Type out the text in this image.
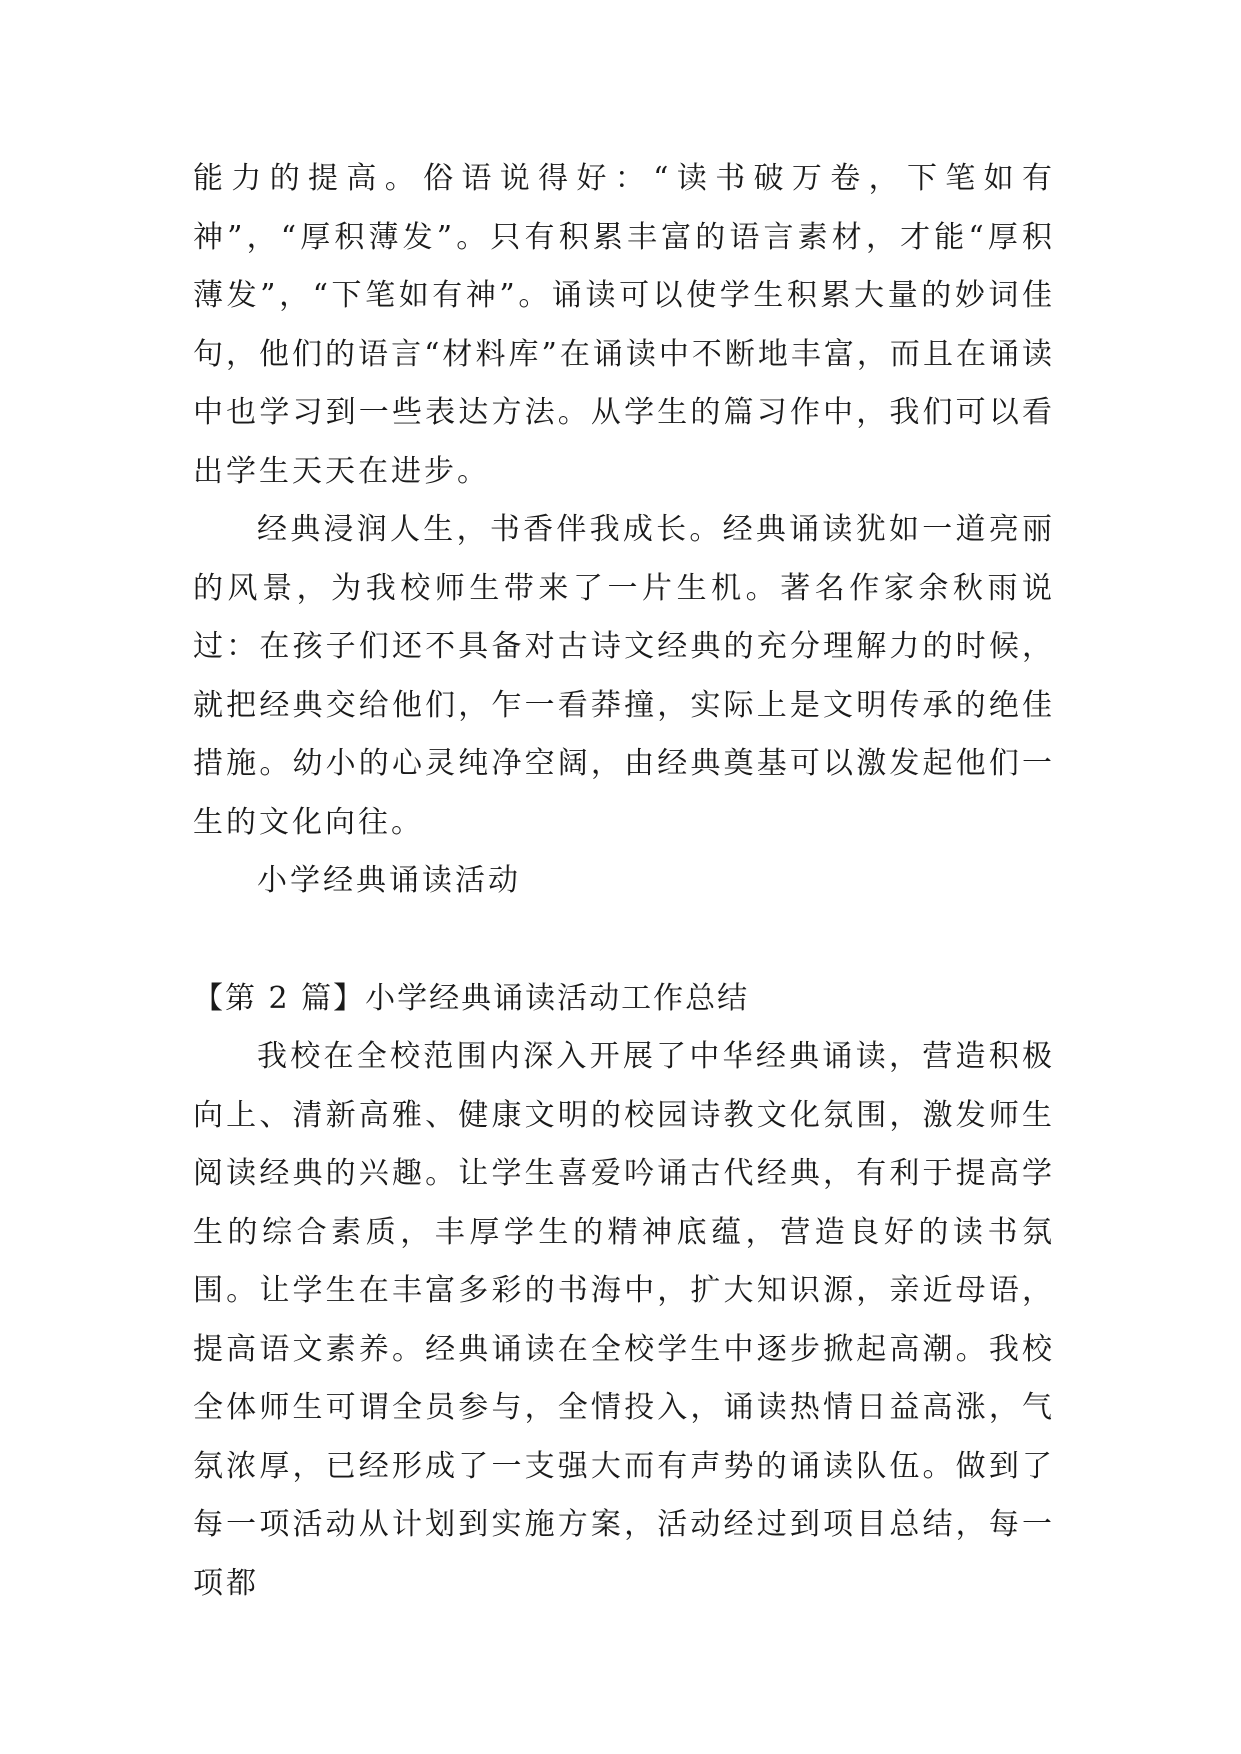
能力的提高。俗语说得好：“读书破万卷，下笔如有神”，“厚积薄发”。只有积累丰富的语言素材，才能“厚积薄发”，“下笔如有神”。诵读可以使学生积累大量的妙词佳句，他们的语言“材料库”在诵读中不断地丰富，而且在诵读中也学习到一些表达方法。从学生的篇习作中，我们可以看出学生天天在进步。

经典浸润人生，书香伴我成长。经典诵读犹如一道亮丽的风景，为我校师生带来了一片生机。著名作家余秋雨说过：在孩子们还不具备对古诗文经典的充分理解力的时候，就把经典交给他们，乍一看莽撞，实际上是文明传承的绝佳措施。幼小的心灵纯净空阔，由经典奠基可以激发起他们一生的文化向往。

小学经典诵读活动

【第 2 篇】小学经典诵读活动工作总结

我校在全校范围内深入开展了中华经典诵读，营造积极向上、清新高雅、健康文明的校园诗教文化氛围，激发师生阅读经典的兴趣。让学生喜爱吟诵古代经典，有利于提高学生的综合素质，丰厚学生的精神底蕴，营造良好的读书氛围。让学生在丰富多彩的书海中，扩大知识源，亲近母语，提高语文素养。经典诵读在全校学生中逐步掀起高潮。我校全体师生可谓全员参与，全情投入，诵读热情日益高涨，气氛浓厚，已经形成了一支强大而有声势的诵读队伍。做到了每一项活动从计划到实施方案，活动经过到项目总结，每一项都
